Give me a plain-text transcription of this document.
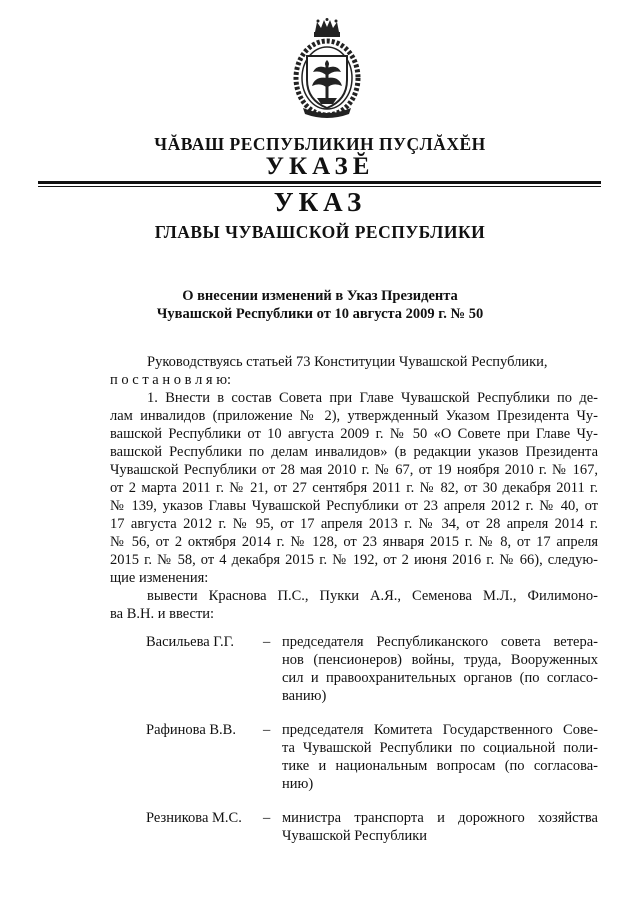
ЧĂВАШ РЕСПУБЛИКИН ПУÇЛĂХĔН
УКАЗĔ
УКАЗ
ГЛАВЫ ЧУВАШСКОЙ РЕСПУБЛИКИ
О внесении изменений в Указ Президента
Чувашской Республики от 10 августа 2009 г. № 50
Руководствуясь статьей 73 Конституции Чувашской Республики,
п о с т а н о в л я ю:
1. Внести в состав Совета при Главе Чувашской Республики по де-
лам инвалидов (приложение № 2), утвержденный Указом Президента Чу-
вашской Республики от 10 августа 2009 г. № 50 «О Совете при Главе Чу-
вашской Республики по делам инвалидов» (в редакции указов Президента
Чувашской Республики от 28 мая 2010 г. № 67, от 19 ноября 2010 г. № 167,
от 2 марта 2011 г. № 21, от 27 сентября 2011 г. № 82, от 30 декабря 2011 г.
№ 139, указов Главы Чувашской Республики от 23 апреля 2012 г. № 40, от
17 августа 2012 г. № 95, от 17 апреля 2013 г. № 34, от 28 апреля 2014 г.
№ 56, от 2 октября 2014 г. № 128, от 23 января 2015 г. № 8, от 17 апреля
2015 г. № 58, от 4 декабря 2015 г. № 192, от 2 июня 2016 г. № 66), следую-
щие изменения:
вывести Краснова П.С., Пукки А.Я., Семенова М.Л., Филимоно-
ва В.Н. и ввести:
Васильева Г.Г.	– председателя Республиканского совета ветера-
нов (пенсионеров) войны, труда, Вооруженных
сил и правоохранительных органов (по согласо-
ванию)
Рафинова В.В.	– председателя Комитета Государственного Сове-
та Чувашской Республики по социальной поли-
тике и национальным вопросам (по согласова-
нию)
Резникова М.С.	– министра транспорта и дорожного хозяйства
Чувашской Республики
